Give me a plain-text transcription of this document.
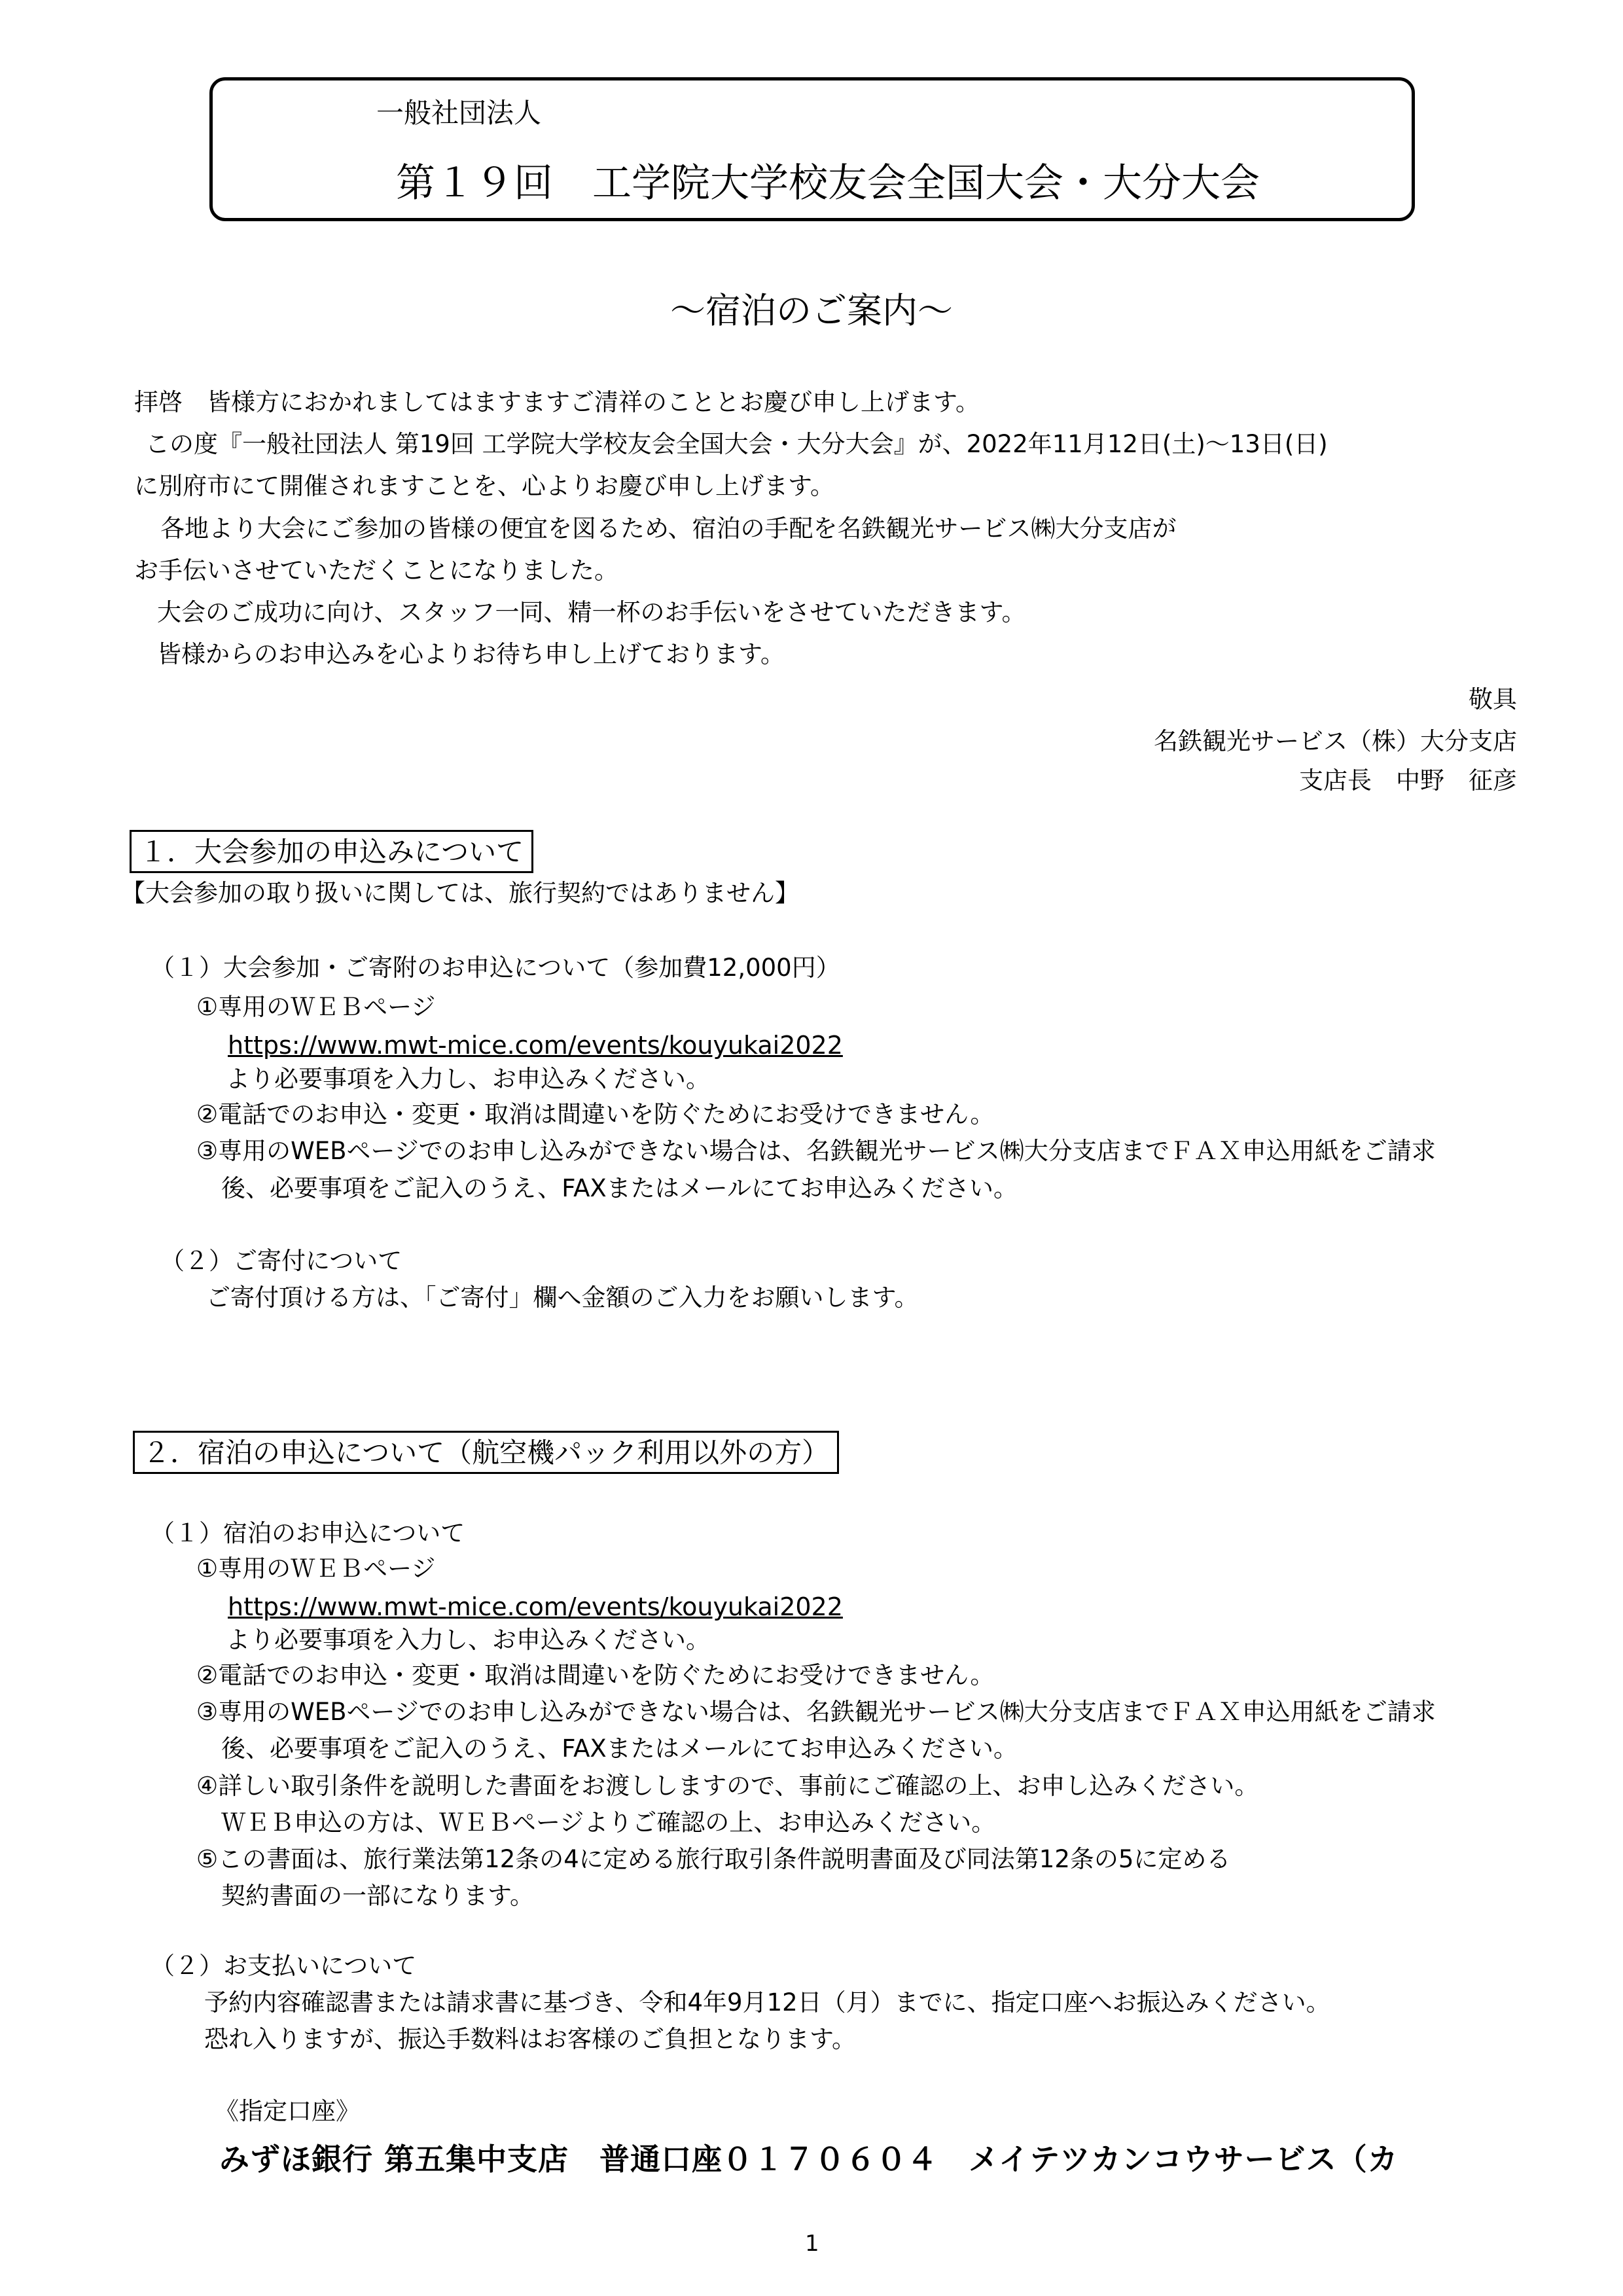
一般社団法人
第１９回　工学院大学校友会全国大会・大分大会
～宿泊のご案内～
拝啓　皆様方におかれましてはますますご清祥のこととお慶び申し上げます。
この度『一般社団法人 第19回 工学院大学校友会全国大会・大分大会』が、2022年11月12日(土)～13日(日)
に別府市にて開催されますことを、心よりお慶び申し上げます。
各地より大会にご参加の皆様の便宜を図るため、宿泊の手配を名鉄観光サービス㈱大分支店が
お手伝いさせていただくことになりました。
大会のご成功に向け、スタッフ一同、精一杯のお手伝いをさせていただきます。
皆様からのお申込みを心よりお待ち申し上げております。
敬具
名鉄観光サービス（株）大分支店
支店長　中野　征彦
１．大会参加の申込みについて
【大会参加の取り扱いに関しては、旅行契約ではありません】
（１）大会参加・ご寄附のお申込について（参加費12,000円）
①専用のＷＥＢページ
https://www.mwt-mice.com/events/kouyukai2022
より必要事項を入力し、お申込みください。
②電話でのお申込・変更・取消は間違いを防ぐためにお受けできません。
③専用のWEBページでのお申し込みができない場合は、名鉄観光サービス㈱大分支店までＦＡＸ申込用紙をご請求
後、必要事項をご記入のうえ、FAXまたはメールにてお申込みください。
（２）ご寄付について
ご寄付頂ける方は、「ご寄付」欄へ金額のご入力をお願いします。
２．宿泊の申込について（航空機パック利用以外の方）
（１）宿泊のお申込について
①専用のＷＥＢページ
https://www.mwt-mice.com/events/kouyukai2022
より必要事項を入力し、お申込みください。
②電話でのお申込・変更・取消は間違いを防ぐためにお受けできません。
③専用のWEBページでのお申し込みができない場合は、名鉄観光サービス㈱大分支店までＦＡＸ申込用紙をご請求
後、必要事項をご記入のうえ、FAXまたはメールにてお申込みください。
④詳しい取引条件を説明した書面をお渡ししますので、事前にご確認の上、お申し込みください。
ＷＥＢ申込の方は、ＷＥＢページよりご確認の上、お申込みください。
⑤この書面は、旅行業法第12条の4に定める旅行取引条件説明書面及び同法第12条の5に定める
契約書面の一部になります。
（２）お支払いについて
予約内容確認書または請求書に基づき、令和4年9月12日（月）までに、指定口座へお振込みください。
恐れ入りますが、振込手数料はお客様のご負担となります。
《指定口座》
みずほ銀行 第五集中支店　普通口座０１７０６０４　メイテツカンコウサービス（カ
1
